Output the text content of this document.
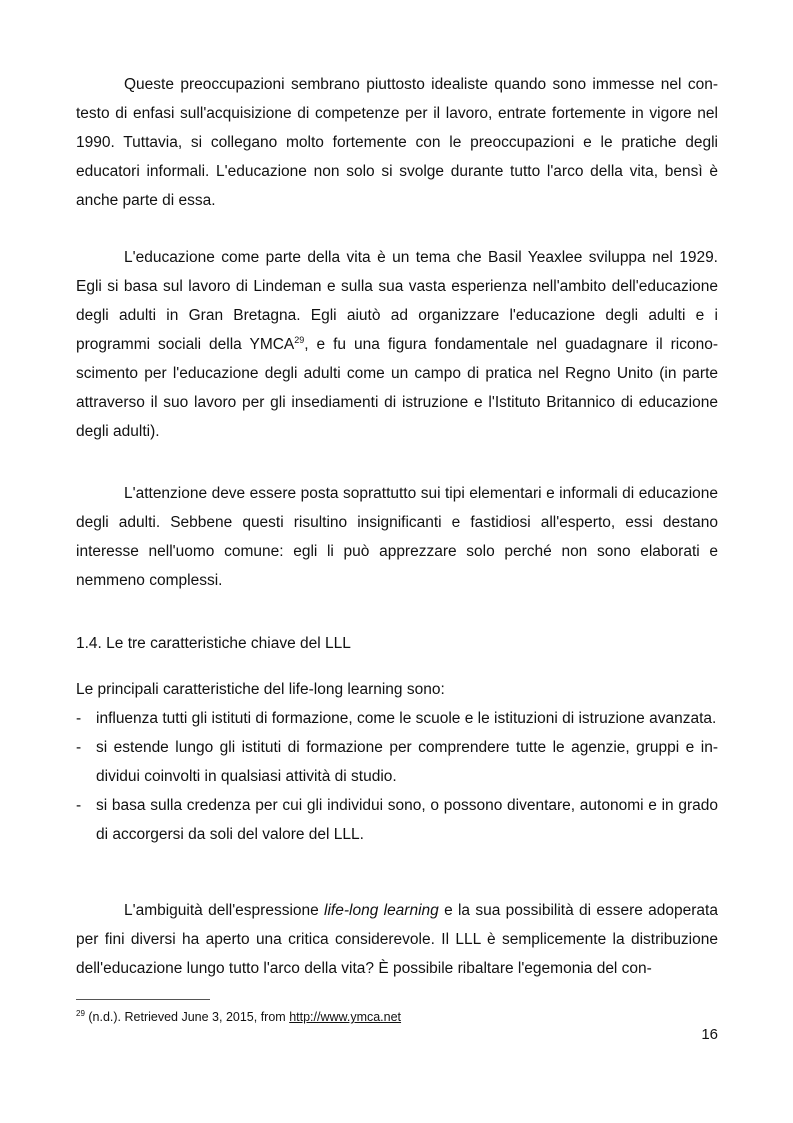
Queste preoccupazioni sembrano piuttosto idealiste quando sono immesse nel contesto di enfasi sull'acquisizione di competenze per il lavoro, entrate fortemente in vigore nel 1990. Tuttavia, si collegano molto fortemente con le preoccupazioni e le pratiche degli educatori informali. L'educazione non solo si svolge durante tutto l'arco della vita, bensì è anche parte di essa.

L'educazione come parte della vita è un tema che Basil Yeaxlee sviluppa nel 1929. Egli si basa sul lavoro di Lindeman e sulla sua vasta esperienza nell'ambito dell'educazione degli adulti in Gran Bretagna. Egli aiutò ad organizzare l'educazione degli adulti e i programmi sociali della YMCA$^{29}$, e fu una figura fondamentale nel guadagnare il riconoscimento per l'educazione degli adulti come un campo di pratica nel Regno Unito (in parte attraverso il suo lavoro per gli insediamenti di istruzione e l'Istituto Britannico di educazione degli adulti).

L'attenzione deve essere posta soprattutto sui tipi elementari e informali di educazione degli adulti. Sebbene questi risultino insignificanti e fastidiosi all'esperto, essi destano interesse nell'uomo comune: egli li può apprezzare solo perché non sono elaborati e nemmeno complessi.

1.4. Le tre caratteristiche chiave del LLL

Le principali caratteristiche del life-long learning sono:

- influenza tutti gli istituti di formazione, come le scuole e le istituzioni di istruzione avanzata.
- si estende lungo gli istituti di formazione per comprendere tutte le agenzie, gruppi e individui coinvolti in qualsiasi attività di studio.
- si basa sulla credenza per cui gli individui sono, o possono diventare, autonomi e in grado di accorgersi da soli del valore del LLL.

L'ambiguità dell'espressione life-long learning e la sua possibilità di essere adoperata per fini diversi ha aperto una critica considerevole. Il LLL è semplicemente la distribuzione dell'educazione lungo tutto l'arco della vita? È possibile ribaltare l'egemonia del con-

$^{29}$ (n.d.). Retrieved June 3, 2015, from http://www.ymca.net
16
